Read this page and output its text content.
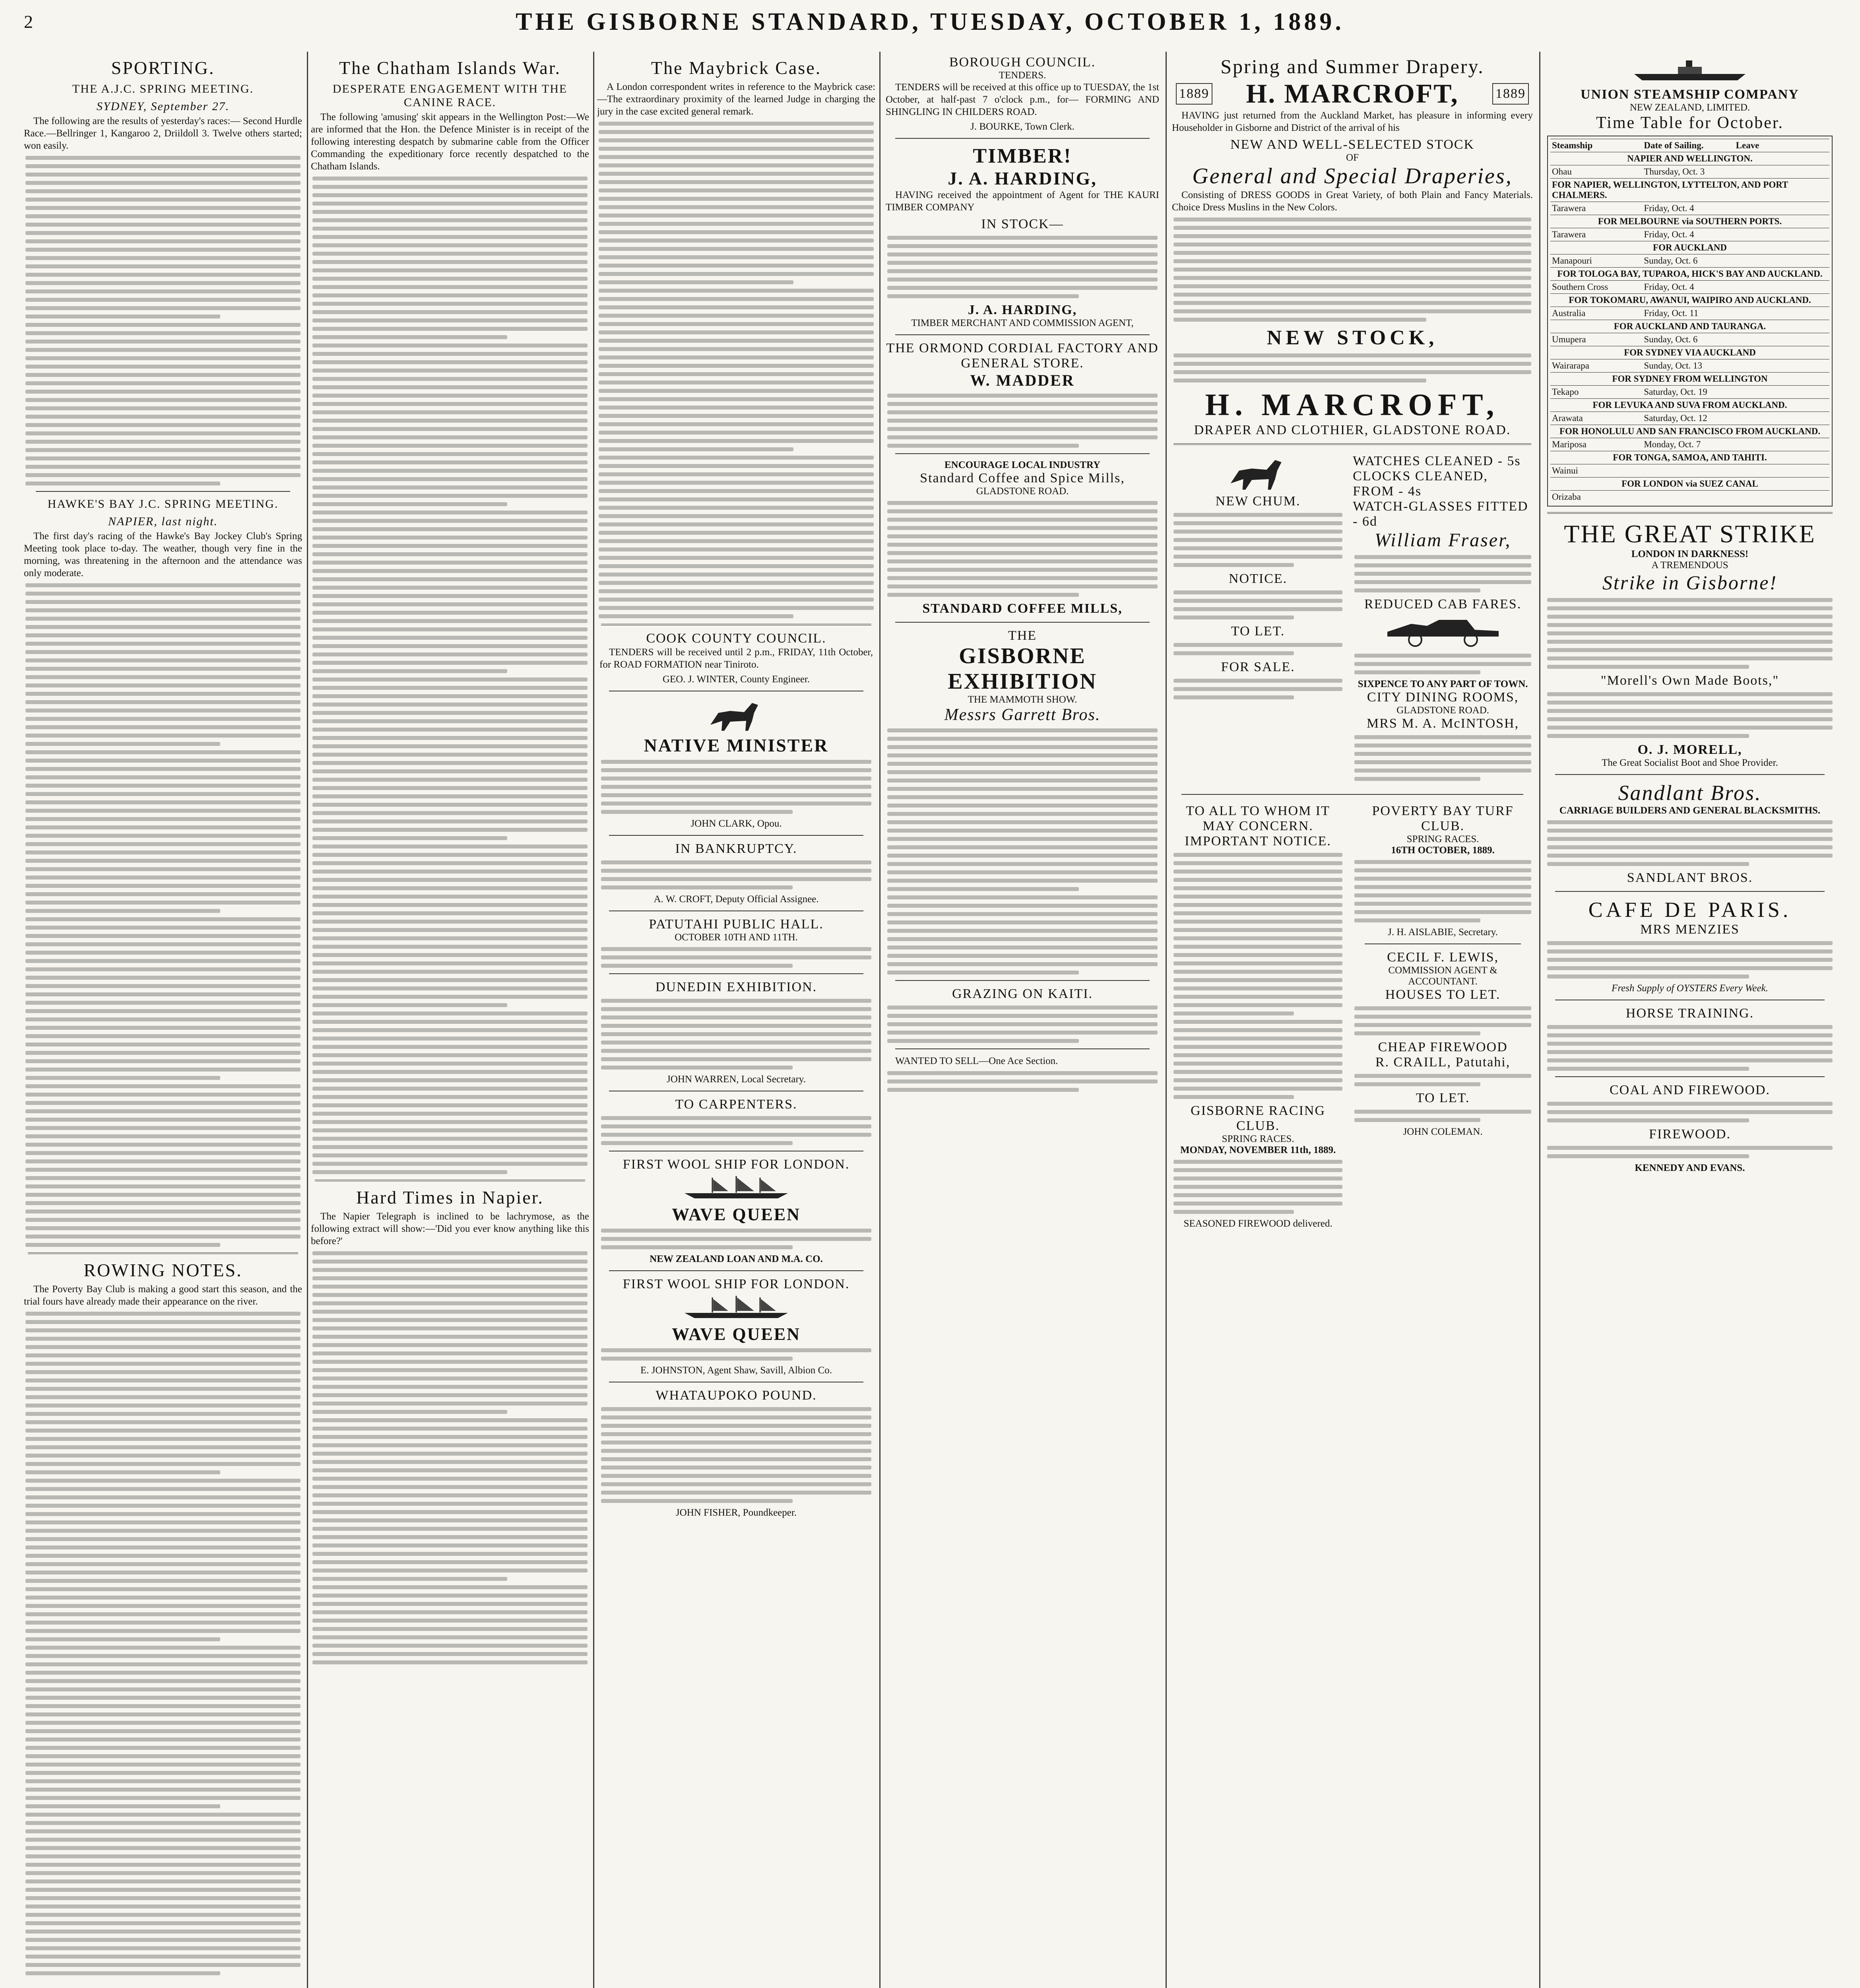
2	THE GISBORNE STANDARD, TUESDAY, OCTOBER 1, 1889.
SPORTING.
THE A.J.C. SPRING MEETING.
SYDNEY, September 27.

The following are the results of yesterday's races:— Second Hurdle Race.—Bellringer 1, Kangaroo 2, Driildoll 3. Twelve others started; won easily.

HAWKE'S BAY J.C. SPRING MEETING.
NAPIER, last night.

The first day's racing of the Hawke's Bay Jockey Club's Spring Meeting took place to-day. The weather, though very fine in the morning, was threatening in the afternoon and the attendance was only moderate.

ROWING NOTES.

The Poverty Bay Club is making a good start this season, and the trial fours have already made their appearance on the river.

The Chatham Islands War.
DESPERATE ENGAGEMENT WITH THE CANINE RACE.

The following 'amusing' skit appears in the Wellington Post:—We are informed that the Hon. the Defence Minister is in receipt of the following interesting despatch by submarine cable from the Officer Commanding the expeditionary force recently despatched to the Chatham Islands.

Hard Times in Napier.

The Napier Telegraph is inclined to be lachrymose, as the following extract will show:—'Did you ever know anything like this before?'

The Maybrick Case.

A London correspondent writes in reference to the Maybrick case:—The extraordinary proximity of the learned Judge in charging the jury in the case excited general remark.

COOK COUNTY COUNCIL.

TENDERS will be received until 2 p.m., FRIDAY, 11th October, for ROAD FORMATION near Tiniroto.

GEO. J. WINTER, County Engineer.
NATIVE MINISTER
JOHN CLARK, Opou.
IN BANKRUPTCY.
A. W. CROFT, Deputy Official Assignee.
PATUTAHI PUBLIC HALL.
OCTOBER 10TH AND 11TH.
DUNEDIN EXHIBITION.
JOHN WARREN, Local Secretary.
TO CARPENTERS.
FIRST WOOL SHIP FOR LONDON.
WAVE QUEEN
NEW ZEALAND LOAN AND M.A. CO.
FIRST WOOL SHIP FOR LONDON.
WAVE QUEEN
E. JOHNSTON, Agent Shaw, Savill, Albion Co.
WHATAUPOKO POUND.
JOHN FISHER, Poundkeeper.
BOROUGH COUNCIL.
TENDERS.

TENDERS will be received at this office up to TUESDAY, the 1st October, at half-past 7 o'clock p.m., for— FORMING AND SHINGLING IN CHILDERS ROAD.

J. BOURKE, Town Clerk.
TIMBER!
J. A. HARDING,

HAVING received the appointment of Agent for THE KAURI TIMBER COMPANY

IN STOCK—
J. A. HARDING,
TIMBER MERCHANT AND COMMISSION AGENT,
THE ORMOND CORDIAL FACTORY AND GENERAL STORE.
W. MADDER
ENCOURAGE LOCAL INDUSTRY
Standard Coffee and Spice Mills,
GLADSTONE ROAD.
STANDARD COFFEE MILLS,
THE
GISBORNE
EXHIBITION
THE MAMMOTH SHOW.
Messrs Garrett Bros.
GRAZING ON KAITI.

WANTED TO SELL—One Ace Section.

Spring and Summer Drapery.
1889 H. MARCROFT,	1889

HAVING just returned from the Auckland Market, has pleasure in informing every Householder in Gisborne and District of the arrival of his

NEW AND WELL-SELECTED STOCK
OF
General and Special Draperies,

Consisting of DRESS GOODS in Great Variety, of both Plain and Fancy Materials. Choice Dress Muslins in the New Colors.

NEW STOCK,
H. MARCROFT,
DRAPER AND CLOTHIER, GLADSTONE ROAD.
NEW CHUM.
NOTICE.
TO LET.
FOR SALE.
WATCHES CLEANED - 5s
CLOCKS CLEANED, FROM - 4s
WATCH-GLASSES FITTED - 6d
William Fraser,
REDUCED CAB FARES.
SIXPENCE TO ANY PART OF TOWN.
CITY DINING ROOMS,
GLADSTONE ROAD.
MRS M. A. McINTOSH,
TO ALL TO WHOM IT MAY CONCERN.
IMPORTANT NOTICE.
GISBORNE RACING CLUB.
SPRING RACES.
MONDAY, NOVEMBER 11th, 1889.
SEASONED FIREWOOD delivered.
POVERTY BAY TURF CLUB.
SPRING RACES.
16TH OCTOBER, 1889.
J. H. AISLABIE, Secretary.
CECIL F. LEWIS,
COMMISSION AGENT & ACCOUNTANT.
HOUSES TO LET.
CHEAP FIREWOOD
R. CRAILL, Patutahi,
TO LET.
JOHN COLEMAN.
UNION STEAMSHIP COMPANY
NEW ZEALAND, LIMITED.
Time Table for October.
Steamship	Date of Sailing.	Leave
NAPIER AND WELLINGTON.
Ohau	Thursday, Oct. 3
FOR NAPIER, WELLINGTON, LYTTELTON, AND PORT CHALMERS.
Tarawera	Friday, Oct. 4
FOR MELBOURNE via SOUTHERN PORTS.
Tarawera	Friday, Oct. 4
FOR AUCKLAND
Manapouri	Sunday, Oct. 6
FOR TOLOGA BAY, TUPAROA, HICK'S BAY AND AUCKLAND.
Southern Cross	Friday, Oct. 4
FOR TOKOMARU, AWANUI, WAIPIRO AND AUCKLAND.
Australia	Friday, Oct. 11
FOR AUCKLAND AND TAURANGA.
Umupera	Sunday, Oct. 6
FOR SYDNEY VIA AUCKLAND
Wairarapa	Sunday, Oct. 13
FOR SYDNEY FROM WELLINGTON
Tekapo	Saturday, Oct. 19
FOR LEVUKA AND SUVA FROM AUCKLAND.
Arawata	Saturday, Oct. 12
FOR HONOLULU AND SAN FRANCISCO FROM AUCKLAND.
Mariposa	Monday, Oct. 7
FOR TONGA, SAMOA, AND TAHITI.
Wainui
FOR LONDON via SUEZ CANAL
Orizaba
THE GREAT STRIKE
LONDON IN DARKNESS!
A TREMENDOUS
Strike in Gisborne!
"Morell's Own Made Boots,"
O. J. MORELL,
The Great Socialist Boot and Shoe Provider.
Sandlant Bros.
CARRIAGE BUILDERS AND GENERAL BLACKSMITHS.
SANDLANT BROS.
CAFE DE PARIS.
MRS MENZIES
Fresh Supply of OYSTERS Every Week.
HORSE TRAINING.
COAL AND FIREWOOD.
FIREWOOD.
KENNEDY AND EVANS.
